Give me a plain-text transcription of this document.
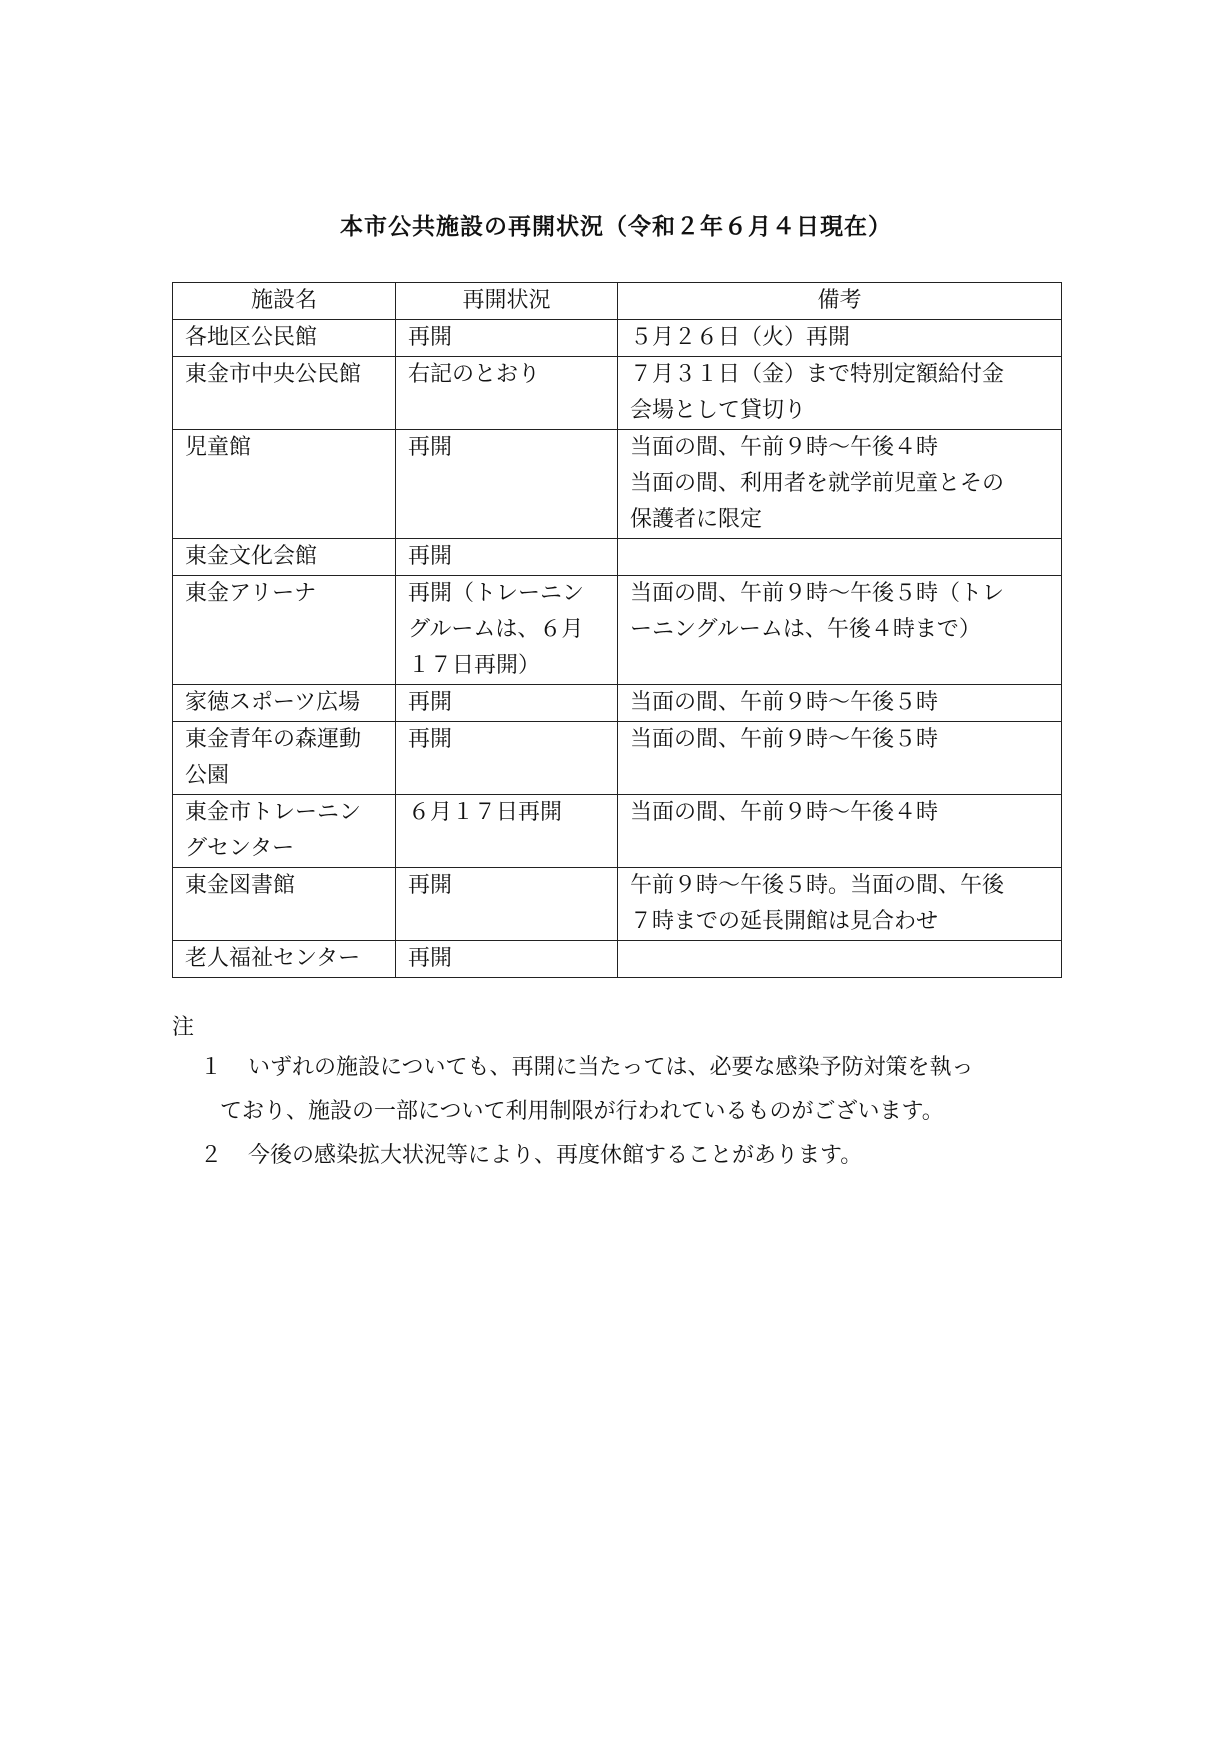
本市公共施設の再開状況（令和２年６月４日現在）
施設名	再開状況	備考

各地区公民館	再開	５月２６日（火）再開

東金市中央公民館	右記のとおり	７月３１日（金）まで特別定額給付金
会場として貸切り

児童館	再開	当面の間、午前９時～午後４時
当面の間、利用者を就学前児童とその
保護者に限定

東金文化会館	再開	

東金アリーナ	再開（トレーニン
グルームは、６月
１７日再開）	当面の間、午前９時～午後５時（トレ
ーニングルームは、午後４時まで）

家徳スポーツ広場	再開	当面の間、午前９時～午後５時

東金青年の森運動
公園	再開	当面の間、午前９時～午後５時

東金市トレーニン
グセンター	６月１７日再開	当面の間、午前９時～午後４時

東金図書館	再開	午前９時～午後５時。当面の間、午後
７時までの延長開館は見合わせ

老人福祉センター	再開	

注
１ いずれの施設についても、再開に当たっては、必要な感染予防対策を執っ
ており、施設の一部について利用制限が行われているものがございます。
２ 今後の感染拡大状況等により、再度休館することがあります。
